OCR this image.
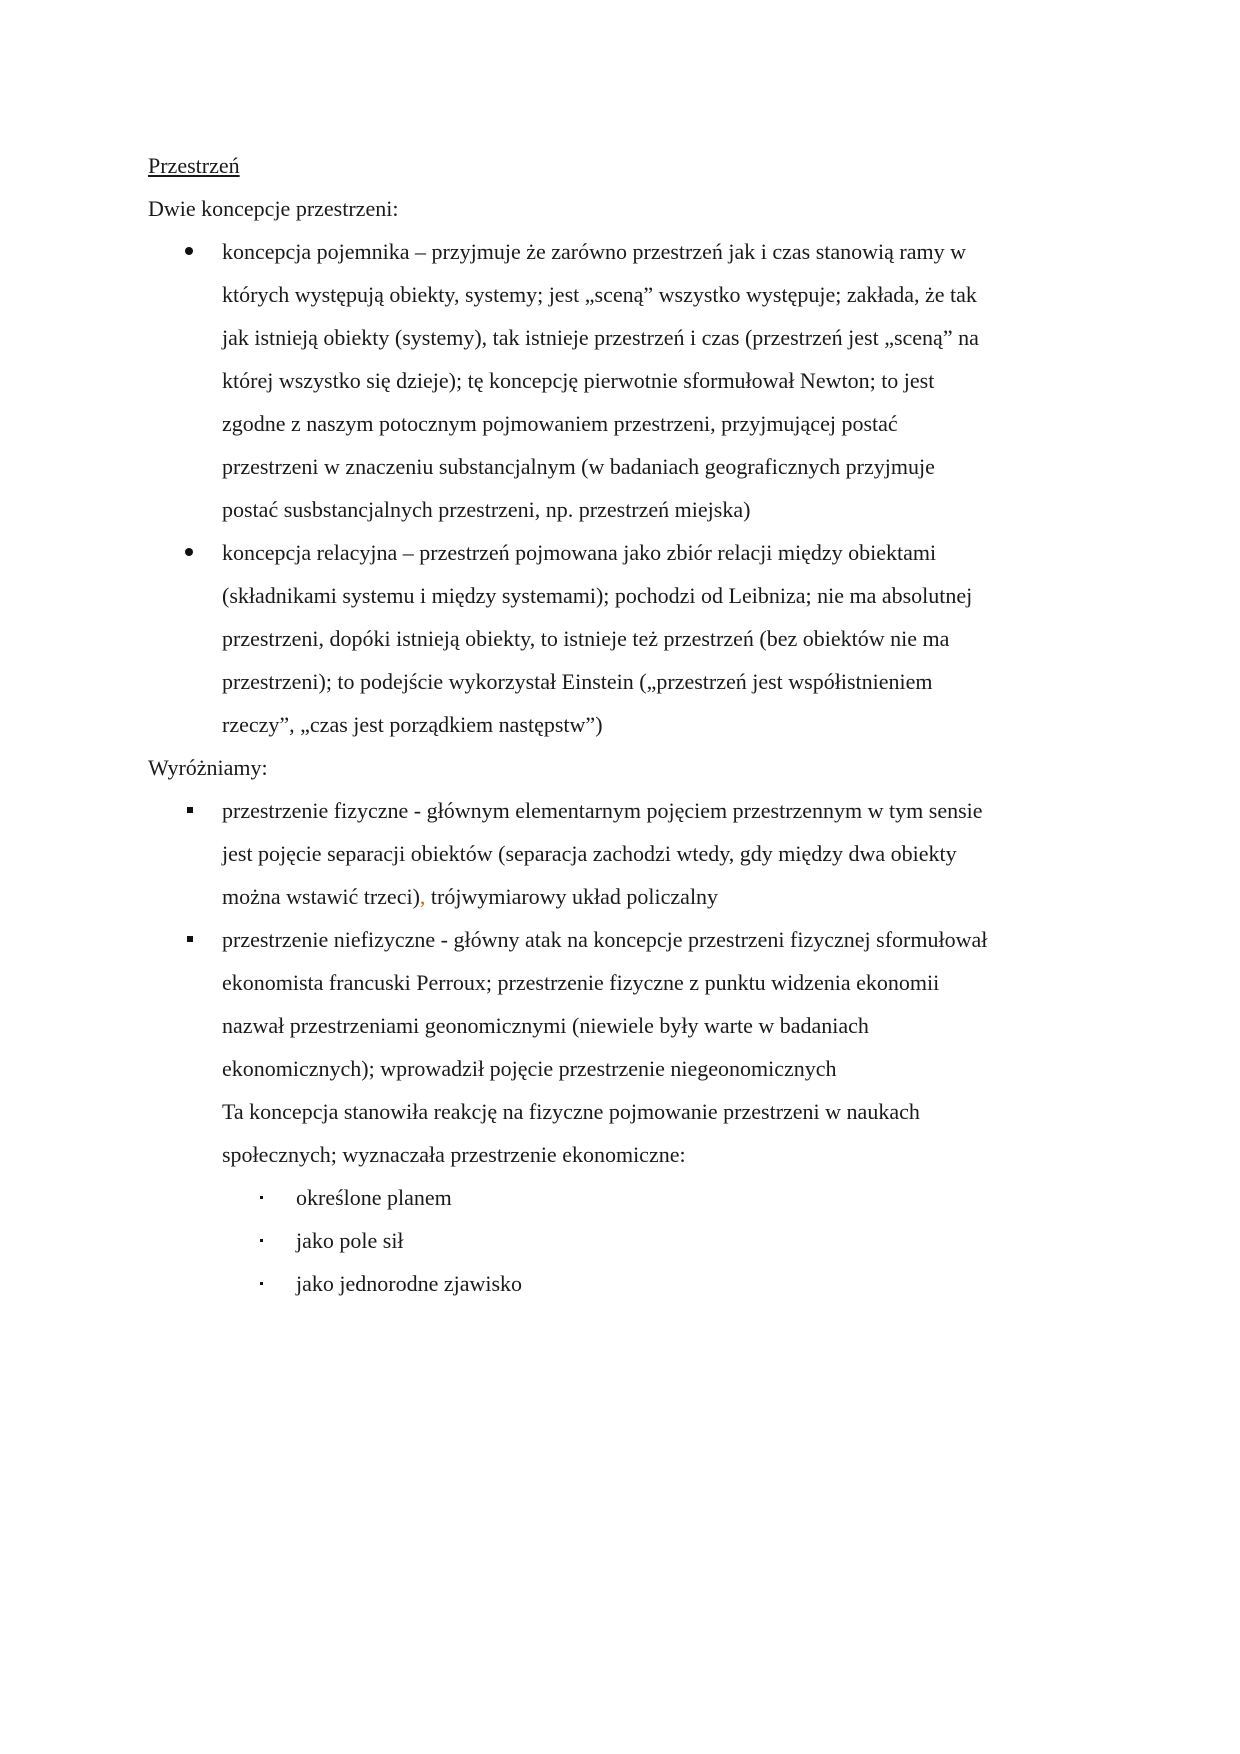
Przestrzeń
Dwie koncepcje przestrzeni:
koncepcja pojemnika – przyjmuje że zarówno przestrzeń jak i czas stanowią ramy w
których występują obiekty, systemy; jest „sceną” wszystko występuje; zakłada, że tak
jak istnieją obiekty (systemy), tak istnieje przestrzeń i czas (przestrzeń jest „sceną” na
której wszystko się dzieje); tę koncepcję pierwotnie sformułował Newton; to jest
zgodne z naszym potocznym pojmowaniem przestrzeni, przyjmującej postać
przestrzeni w znaczeniu substancjalnym (w badaniach geograficznych przyjmuje
postać susbstancjalnych przestrzeni, np. przestrzeń miejska)
koncepcja relacyjna – przestrzeń pojmowana jako zbiór relacji między obiektami
(składnikami systemu i między systemami); pochodzi od Leibniza; nie ma absolutnej
przestrzeni, dopóki istnieją obiekty, to istnieje też przestrzeń (bez obiektów nie ma
przestrzeni); to podejście wykorzystał Einstein („przestrzeń jest współistnieniem
rzeczy”, „czas jest porządkiem następstw”)
Wyróżniamy:
przestrzenie fizyczne - głównym elementarnym pojęciem przestrzennym w tym sensie
jest pojęcie separacji obiektów (separacja zachodzi wtedy, gdy między dwa obiekty
można wstawić trzeci), trójwymiarowy układ policzalny
przestrzenie niefizyczne - główny atak na koncepcje przestrzeni fizycznej sformułował
ekonomista francuski Perroux; przestrzenie fizyczne z punktu widzenia ekonomii
nazwał przestrzeniami geonomicznymi (niewiele były warte w badaniach
ekonomicznych); wprowadził pojęcie przestrzenie niegeonomicznych
Ta koncepcja stanowiła reakcję na fizyczne pojmowanie przestrzeni w naukach
społecznych; wyznaczała przestrzenie ekonomiczne:
określone planem
jako pole sił
jako jednorodne zjawisko
